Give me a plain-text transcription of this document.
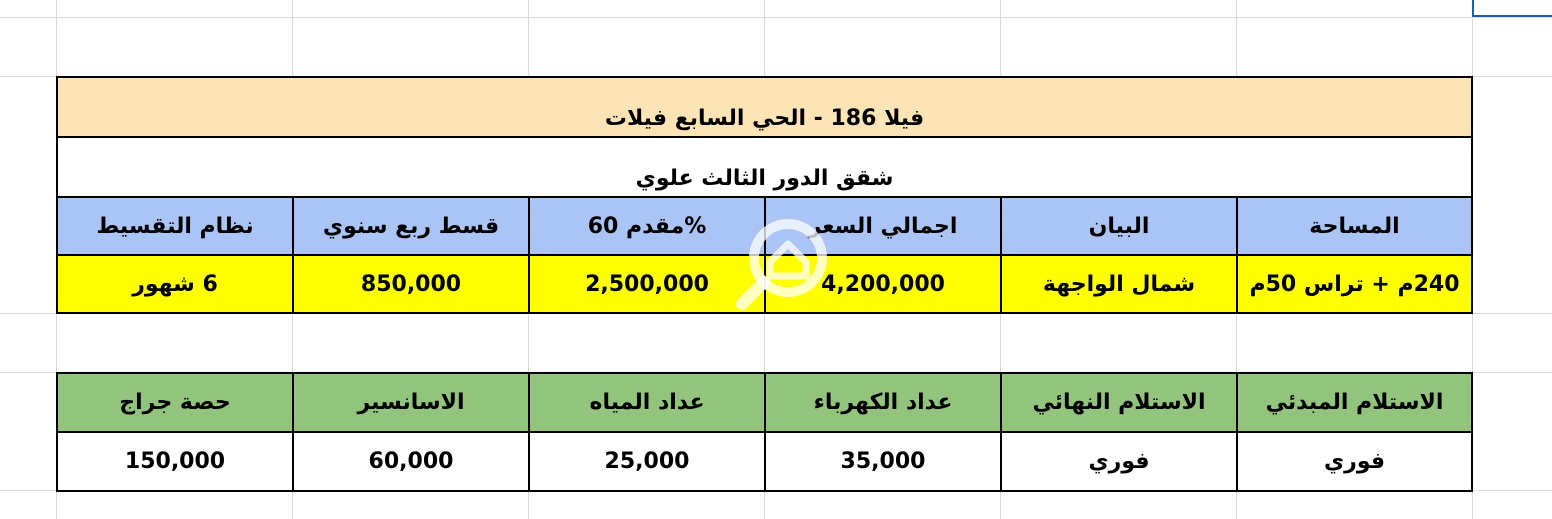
فيلا 186 - الحي السابع فيلات
شقق الدور الثالث علوي
المساحة
البيان
اجمالي السعر
%مقدم 60
قسط ربع سنوي
نظام التقسيط
240م + تراس 50م
شمال الواجهة
4,200,000
2,500,000
850,000
6 شهور
الاستلام المبدئي
الاستلام النهائي
عداد الكهرباء
عداد المياه
الاسانسير
حصة جراج
فوري
فوري
35,000
25,000
60,000
150,000
